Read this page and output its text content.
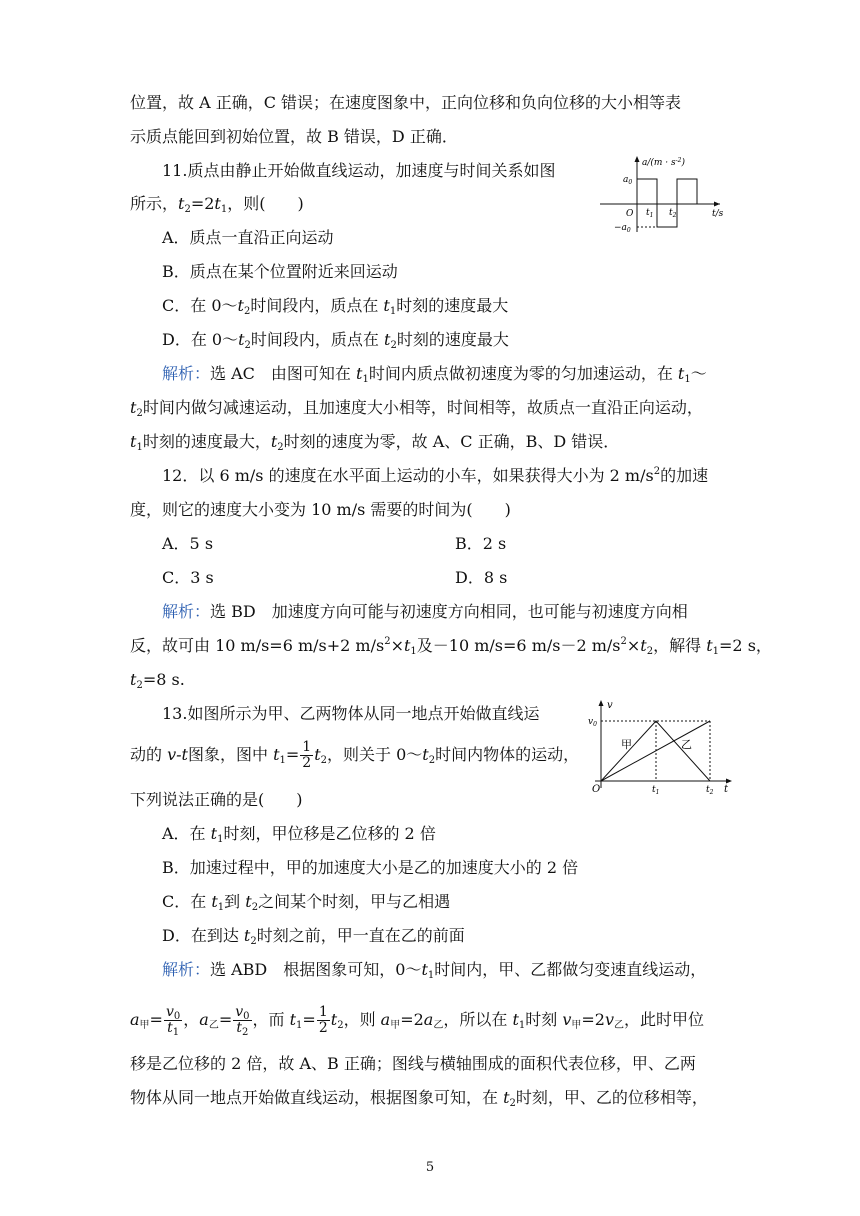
位置，故 A 正确，C 错误；在速度图象中，正向位移和负向位移的大小相等表
示质点能回到初始位置，故 B 错误，D 正确．
11.质点由静止开始做直线运动，加速度与时间关系如图
所示，$t_2=2t_1$，则(　　)
A．质点一直沿正向运动
B．质点在某个位置附近来回运动
C．在 $0\sim t_2$时间段内，质点在 $t_1$时刻的速度最大
D．在 $0\sim t_2$时间段内，质点在 $t_2$时刻的速度最大
$a/(m \cdot s^{-2})$
$a_0$
$-a_0$
O $t_1$ $t_2$	t/s
解析：选 AC　由图可知在 $t_1$时间内质点做初速度为零的匀加速运动，在 $t_1\sim$
$t_2$时间内做匀减速运动，且加速度大小相等，时间相等，故质点一直沿正向运动，
$t_1$时刻的速度最大，$t_2$时刻的速度为零，故 A、C 正确，B、D 错误．
12．以 6 m/s 的速度在水平面上运动的小车，如果获得大小为 2 $m/s^2$的加速
度，则它的速度大小变为 10 m/s 需要的时间为(　　)
A．5 s	B．2 s
C．3 s	D．8 s
解析：选 BD　加速度方向可能与初速度方向相同，也可能与初速度方向相
反，故可由 10 m/s=6 m/s+2 $m/s^2\times t_1$及－10 m/s=6 m/s－2 $m/s^2\times t_2$，解得 $t_1=2$ s，
$t_2=8$ s.
13.如图所示为甲、乙两物体从同一地点开始做直线运
动的 v-t图象，图中 $t_1= \frac{1}{2} t_2$，则关于 $0\sim t_2$时间内物体的运动，
下列说法正确的是(　　)
v
$v_0$
甲	乙
O	$t_1$	$t_2$ t
A．在 $t_1$时刻，甲位移是乙位移的 2 倍
B．加速过程中，甲的加速度大小是乙的加速度大小的 2 倍
C．在 $t_1$到 $t_2$之间某个时刻，甲与乙相遇
D．在到达 $t_2$时刻之前，甲一直在乙的前面
解析：选 ABD　根据图象可知，$0\sim t_1$时间内，甲、乙都做匀变速直线运动，
$a_甲= \frac{v_0}{t_1}$ ，$a_乙= \frac{v_0}{t_2}$ ，而 $t_1= \frac{1}{2} t_2$，则 $a_甲=2a_乙$，所以在 $t_1$时刻 $v_甲=2v_乙$，此时甲位
移是乙位移的 2 倍，故 A、B 正确；图线与横轴围成的面积代表位移，甲、乙两
物体从同一地点开始做直线运动，根据图象可知，在 $t_2$时刻，甲、乙的位移相等，
5
